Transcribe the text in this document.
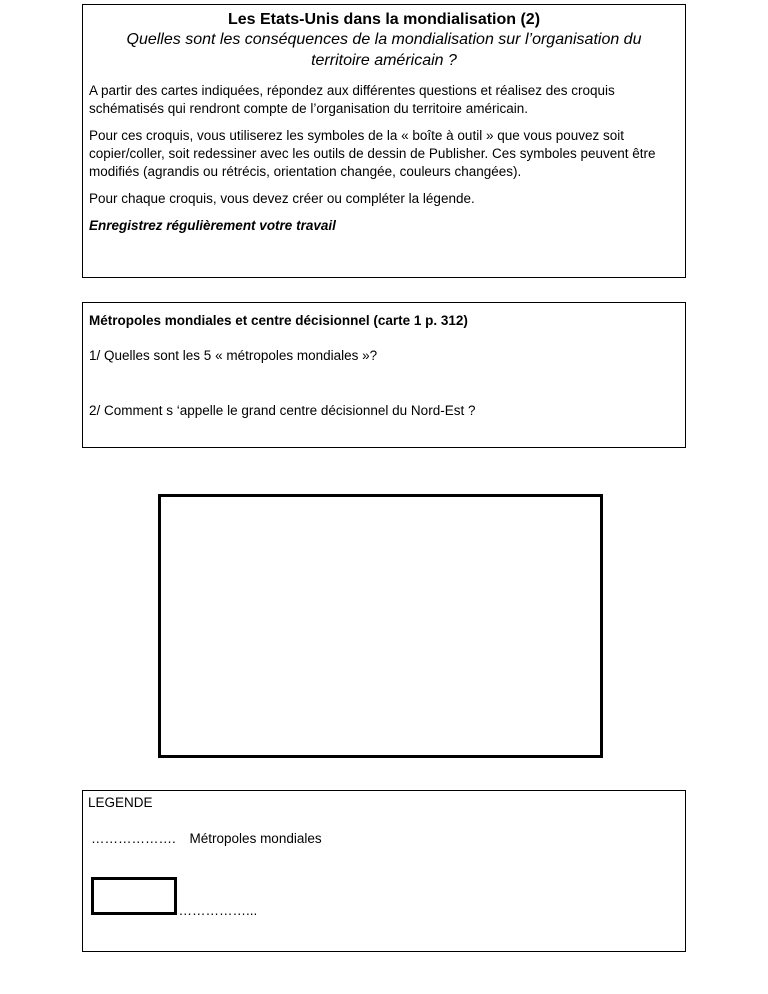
Les Etats-Unis dans la mondialisation (2)
Quelles sont les conséquences de la mondialisation sur l’organisation du territoire américain ?
A partir des cartes indiquées, répondez aux différentes questions et réalisez des croquis schématisés qui rendront compte de l’organisation du territoire américain.
Pour ces croquis, vous utiliserez les symboles de la « boîte à outil » que vous pouvez soit copier/coller, soit redessiner avec les outils de dessin de Publisher. Ces symboles peuvent être modifiés (agrandis ou rétrécis, orientation changée, couleurs changées).
Pour chaque croquis, vous devez créer ou compléter la légende.
Enregistrez régulièrement votre travail
Métropoles mondiales et centre décisionnel (carte 1 p. 312)
1/ Quelles sont les 5 « métropoles mondiales »?
2/ Comment s ‘appelle le grand centre décisionnel du Nord-Est ?
LEGENDE
………………. Métropoles mondiales
…………………………...
